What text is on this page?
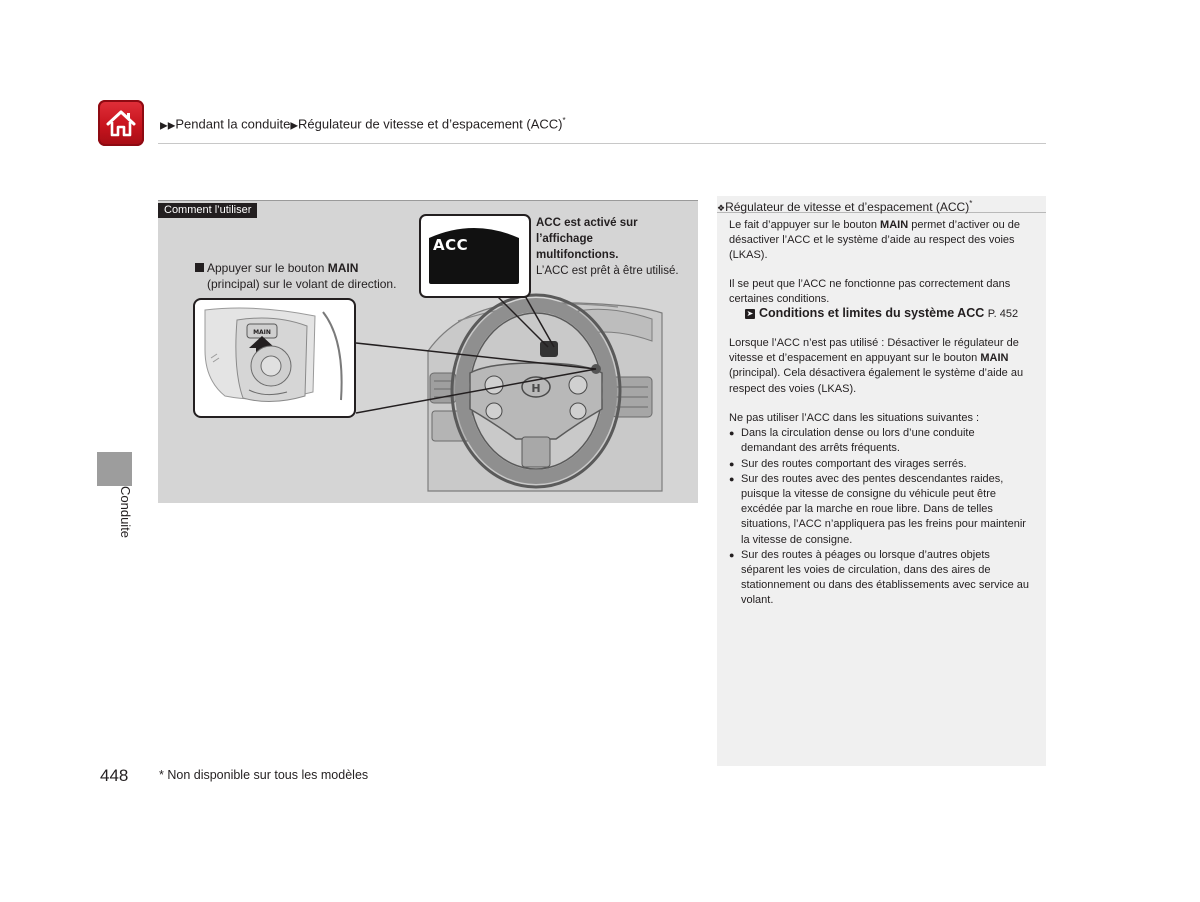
▶▶Pendant la conduite▶Régulateur de vitesse et d’espacement (ACC)*
Conduite
H
Comment l’utiliser
Appuyer sur le bouton MAIN
(principal) sur le volant de direction.
ACC est activé sur l’affichage
multifonctions.
L’ACC est prêt à être utilisé.
ACC
MAIN
❖Régulateur de vitesse et d’espacement (ACC)*
Le fait d’appuyer sur le bouton MAIN permet d’activer ou de
désactiver l’ACC et le système d’aide au respect des voies
(LKAS).
Il se peut que l’ACC ne fonctionne pas correctement dans
certaines conditions.
➤ Conditions et limites du système ACC P. 452
Lorsque l’ACC n’est pas utilisé : Désactiver le régulateur de
vitesse et d’espacement en appuyant sur le bouton MAIN
(principal). Cela désactivera également le système d’aide au
respect des voies (LKAS).
Ne pas utiliser l’ACC dans les situations suivantes :
● Dans la circulation dense ou lors d’une conduite
demandant des arrêts fréquents.
● Sur des routes comportant des virages serrés.
● Sur des routes avec des pentes descendantes raides,
puisque la vitesse de consigne du véhicule peut être
excédée par la marche en roue libre. Dans de telles
situations, l’ACC n’appliquera pas les freins pour maintenir
la vitesse de consigne.
● Sur des routes à péages ou lorsque d’autres objets
séparent les voies de circulation, dans des aires de
stationnement ou dans des établissements avec service au
volant.
448 * Non disponible sur tous les modèles
